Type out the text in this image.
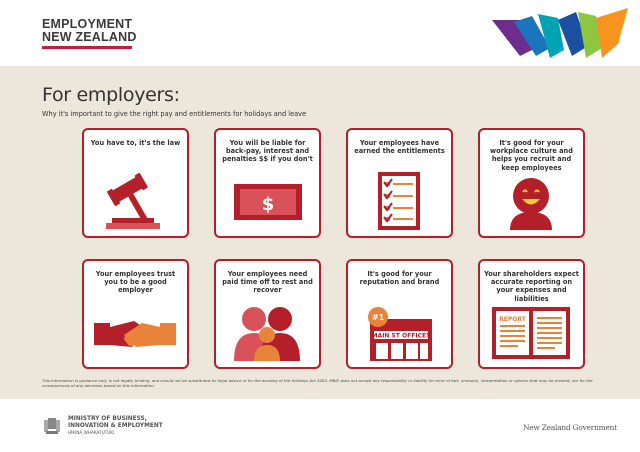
EMPLOYMENT
NEW ZEALAND
For employers:
Why it's important to give the right pay and entitlements for holidays and leave
You have to, it's the law	You will be liable for back-pay, interest and penalties $$ if you don't
$
Your employees have earned the entitlements
It's good for your workplace culture and helps you recruit and keep employees
Your employees trust you to be a good employer
Your employees need paid time off to rest and recover
It's good for your reputation and brand
MAIN ST OFFICES
#1
Your shareholders expect accurate reporting on your expenses and liabilities
REPORT
This information is guidance only, is not legally binding, and should not be substituted for legal advice or for the wording of the Holidays Act 2003. MBIE does not accept any responsibility or liability for error of fact, omission, interpretation or opinion that may be present, nor for the consequences of any decisions based on this information.
MINISTRY OF BUSINESS,
INNOVATION & EMPLOYMENT
HĪKINA WHAKATUTUKI
New Zealand Government
